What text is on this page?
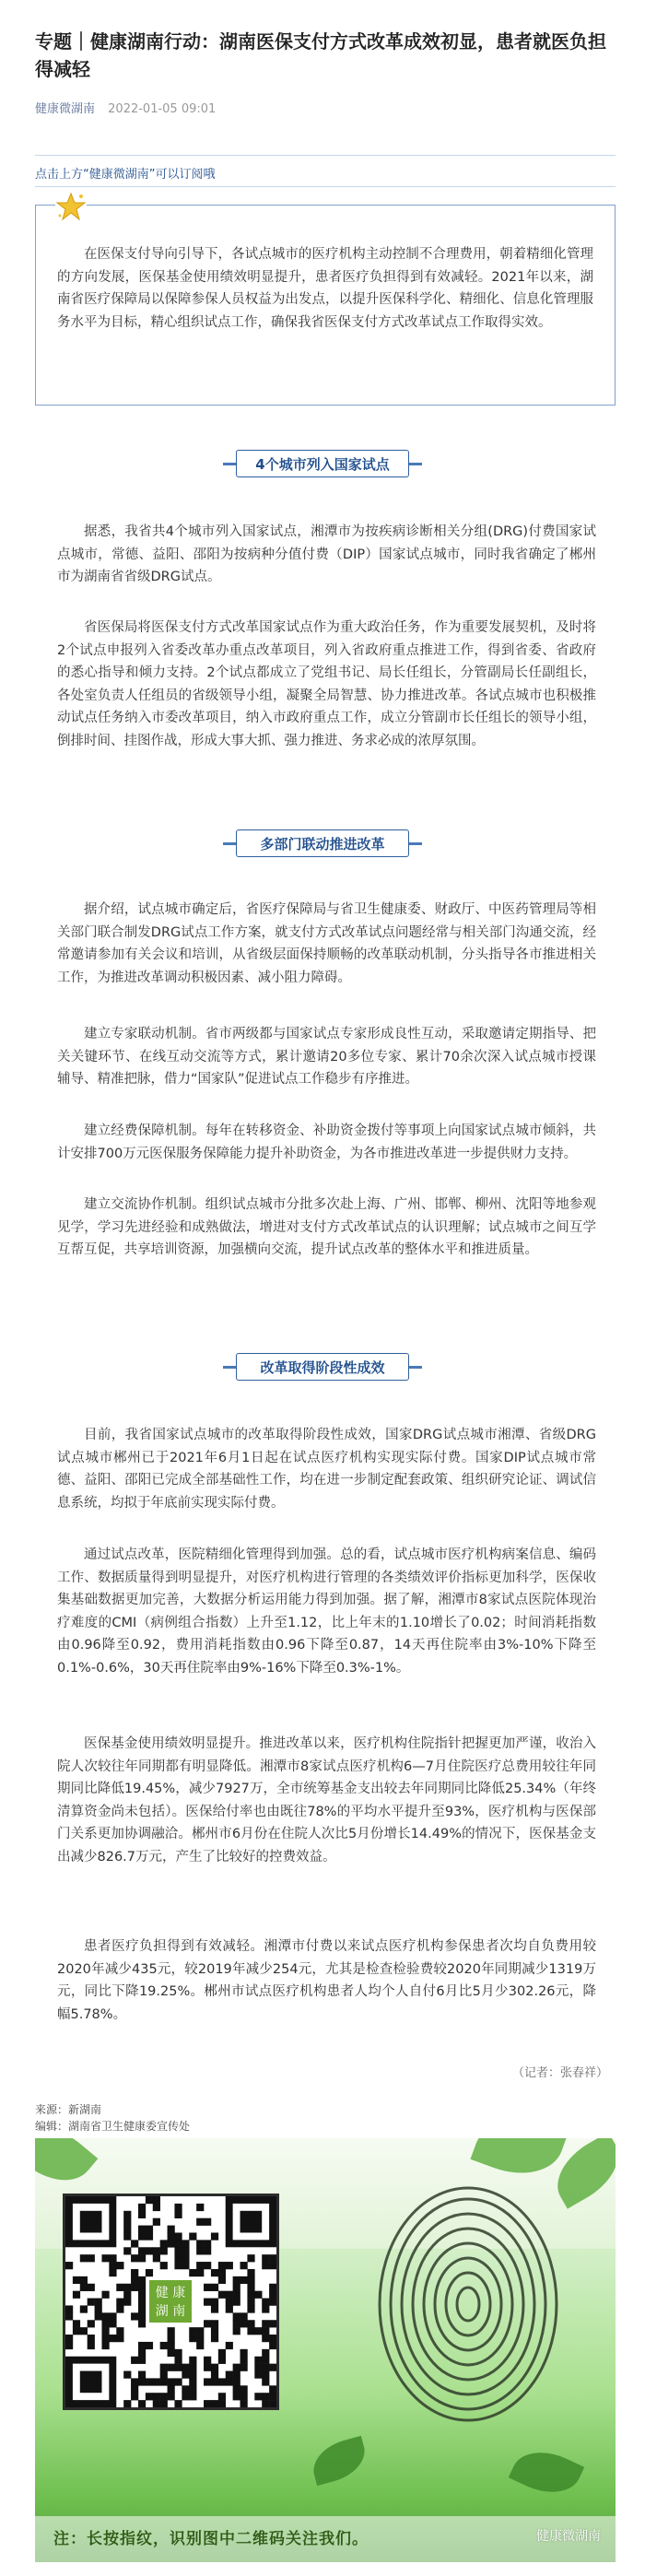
专题｜健康湖南行动：湖南医保支付方式改革成效初显，患者就医负担得减轻
健康微湖南 2022-01-05 09:01
点击上方“健康微湖南”可以订阅哦
在医保支付导向引导下，各试点城市的医疗机构主动控制不合理费用，朝着精细化管理的方向发展，医保基金使用绩效明显提升，患者医疗负担得到有效减轻。2021年以来，湖南省医疗保障局以保障参保人员权益为出发点，以提升医保科学化、精细化、信息化管理服务水平为目标，精心组织试点工作，确保我省医保支付方式改革试点工作取得实效。
4个城市列入国家试点
据悉，我省共4个城市列入国家试点，湘潭市为按疾病诊断相关分组(DRG)付费国家试点城市，常德、益阳、邵阳为按病种分值付费（DIP）国家试点城市，同时我省确定了郴州市为湖南省省级DRG试点。
省医保局将医保支付方式改革国家试点作为重大政治任务，作为重要发展契机，及时将2个试点申报列入省委改革办重点改革项目，列入省政府重点推进工作，得到省委、省政府的悉心指导和倾力支持。2个试点都成立了党组书记、局长任组长，分管副局长任副组长，各处室负责人任组员的省级领导小组，凝聚全局智慧、协力推进改革。各试点城市也积极推动试点任务纳入市委改革项目，纳入市政府重点工作，成立分管副市长任组长的领导小组，倒排时间、挂图作战，形成大事大抓、强力推进、务求必成的浓厚氛围。
多部门联动推进改革
据介绍，试点城市确定后，省医疗保障局与省卫生健康委、财政厅、中医药管理局等相关部门联合制发DRG试点工作方案，就支付方式改革试点问题经常与相关部门沟通交流，经常邀请参加有关会议和培训，从省级层面保持顺畅的改革联动机制，分头指导各市推进相关工作，为推进改革调动积极因素、减小阻力障碍。
建立专家联动机制。省市两级都与国家试点专家形成良性互动，采取邀请定期指导、把关关键环节、在线互动交流等方式，累计邀请20多位专家、累计70余次深入试点城市授课辅导、精准把脉，借力“国家队”促进试点工作稳步有序推进。
建立经费保障机制。每年在转移资金、补助资金拨付等事项上向国家试点城市倾斜，共计安排700万元医保服务保障能力提升补助资金，为各市推进改革进一步提供财力支持。
建立交流协作机制。组织试点城市分批多次赴上海、广州、邯郸、柳州、沈阳等地参观见学，学习先进经验和成熟做法，增进对支付方式改革试点的认识理解；试点城市之间互学互帮互促，共享培训资源，加强横向交流，提升试点改革的整体水平和推进质量。
改革取得阶段性成效
目前，我省国家试点城市的改革取得阶段性成效，国家DRG试点城市湘潭、省级DRG试点城市郴州已于2021年6月1日起在试点医疗机构实现实际付费。国家DIP试点城市常德、益阳、邵阳已完成全部基础性工作，均在进一步制定配套政策、组织研究论证、调试信息系统，均拟于年底前实现实际付费。
通过试点改革，医院精细化管理得到加强。总的看，试点城市医疗机构病案信息、编码工作、数据质量得到明显提升，对医疗机构进行管理的各类绩效评价指标更加科学，医保收集基础数据更加完善，大数据分析运用能力得到加强。据了解，湘潭市8家试点医院体现治疗难度的CMI（病例组合指数）上升至1.12，比上年末的1.10增长了0.02；时间消耗指数由0.96降至0.92，费用消耗指数由0.96下降至0.87，14天再住院率由3%-10%下降至0.1%-0.6%，30天再住院率由9%-16%下降至0.3%-1%。
医保基金使用绩效明显提升。推进改革以来，医疗机构住院指针把握更加严谨，收治入院人次较往年同期都有明显降低。湘潭市8家试点医疗机构6—7月住院医疗总费用较往年同期同比降低19.45%，减少7927万，全市统筹基金支出较去年同期同比降低25.34%（年终清算资金尚未包括）。医保给付率也由既往78%的平均水平提升至93%，医疗机构与医保部门关系更加协调融洽。郴州市6月份在住院人次比5月份增长14.49%的情况下，医保基金支出减少826.7万元，产生了比较好的控费效益。
患者医疗负担得到有效减轻。湘潭市付费以来试点医疗机构参保患者次均自负费用较2020年减少435元，较2019年减少254元，尤其是检查检验费较2020年同期减少1319万元，同比下降19.25%。郴州市试点医疗机构患者人均个人自付6月比5月少302.26元，降幅5.78%。
（记者：张春祥）
来源：新湖南
编辑：湖南省卫生健康委宣传处
健 康
湖 南
注：长按指纹，识别图中二维码关注我们。	健康微湖南
